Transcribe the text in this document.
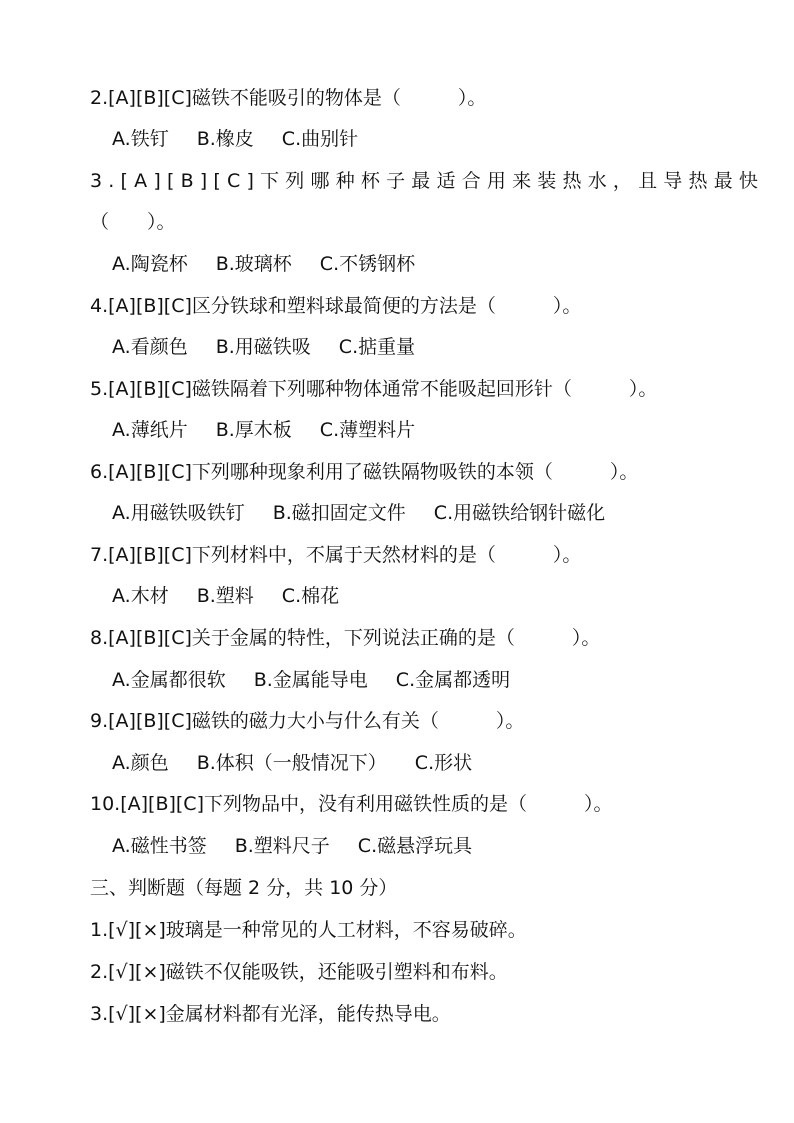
2.[A][B][C]磁铁不能吸引的物体是（　　　）。
A.铁钉 B.橡皮 C.曲别针
3.[A][B][C]下列哪种杯子最适合用来装热水，且导热最快
（　　）。
A.陶瓷杯 B.玻璃杯 C.不锈钢杯
4.[A][B][C]区分铁球和塑料球最简便的方法是（　　　）。
A.看颜色 B.用磁铁吸 C.掂重量
5.[A][B][C]磁铁隔着下列哪种物体通常不能吸起回形针（　　　）。
A.薄纸片 B.厚木板 C.薄塑料片
6.[A][B][C]下列哪种现象利用了磁铁隔物吸铁的本领（　　　）。
A.用磁铁吸铁钉 B.磁扣固定文件 C.用磁铁给钢针磁化
7.[A][B][C]下列材料中，不属于天然材料的是（　　　）。
A.木材 B.塑料 C.棉花
8.[A][B][C]关于金属的特性，下列说法正确的是（　　　）。
A.金属都很软 B.金属能导电 C.金属都透明
9.[A][B][C]磁铁的磁力大小与什么有关（　　　）。
A.颜色 B.体积（一般情况下） C.形状
10.[A][B][C]下列物品中，没有利用磁铁性质的是（　　　）。
A.磁性书签 B.塑料尺子 C.磁悬浮玩具
三、判断题（每题 2 分，共 10 分）
1.[√][×]玻璃是一种常见的人工材料，不容易破碎。
2.[√][×]磁铁不仅能吸铁，还能吸引塑料和布料。
3.[√][×]金属材料都有光泽，能传热导电。
